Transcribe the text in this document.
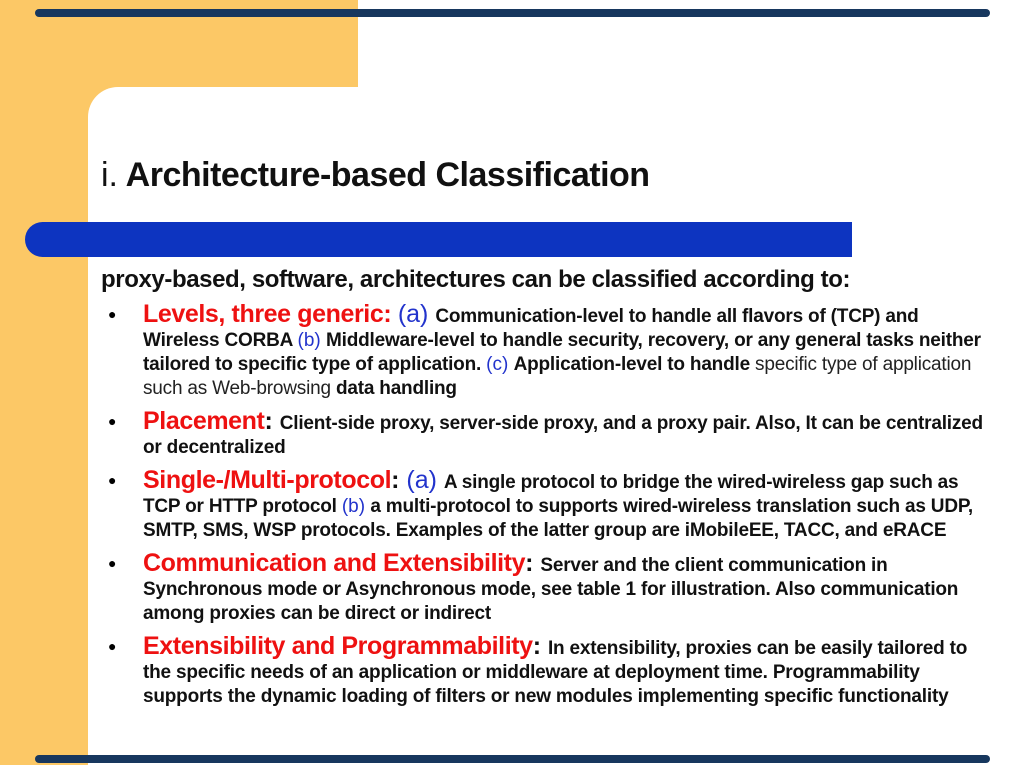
i. Architecture-based Classification
proxy-based, software, architectures can be classified according to:
● Levels, three generic: (a) Communication-level to handle all flavors of (TCP) and Wireless CORBA (b) Middleware-level to handle security, recovery, or any general tasks neither tailored to specific type of application. (c) Application-level to handle specific type of application such as Web-browsing data handling
● Placement: Client-side proxy, server-side proxy, and a proxy pair. Also, It can be centralized or decentralized
● Single-/Multi-protocol: (a) A single protocol to bridge the wired-wireless gap such as TCP or HTTP protocol (b) a multi-protocol to supports wired-wireless translation such as UDP, SMTP, SMS, WSP protocols. Examples of the latter group are iMobileEE, TACC, and eRACE
● Communication and Extensibility: Server and the client communication in Synchronous mode or Asynchronous mode, see table 1 for illustration. Also communication among proxies can be direct or indirect
● Extensibility and Programmability: In extensibility, proxies can be easily tailored to the specific needs of an application or middleware at deployment time. Programmability supports the dynamic loading of filters or new modules implementing specific functionality
